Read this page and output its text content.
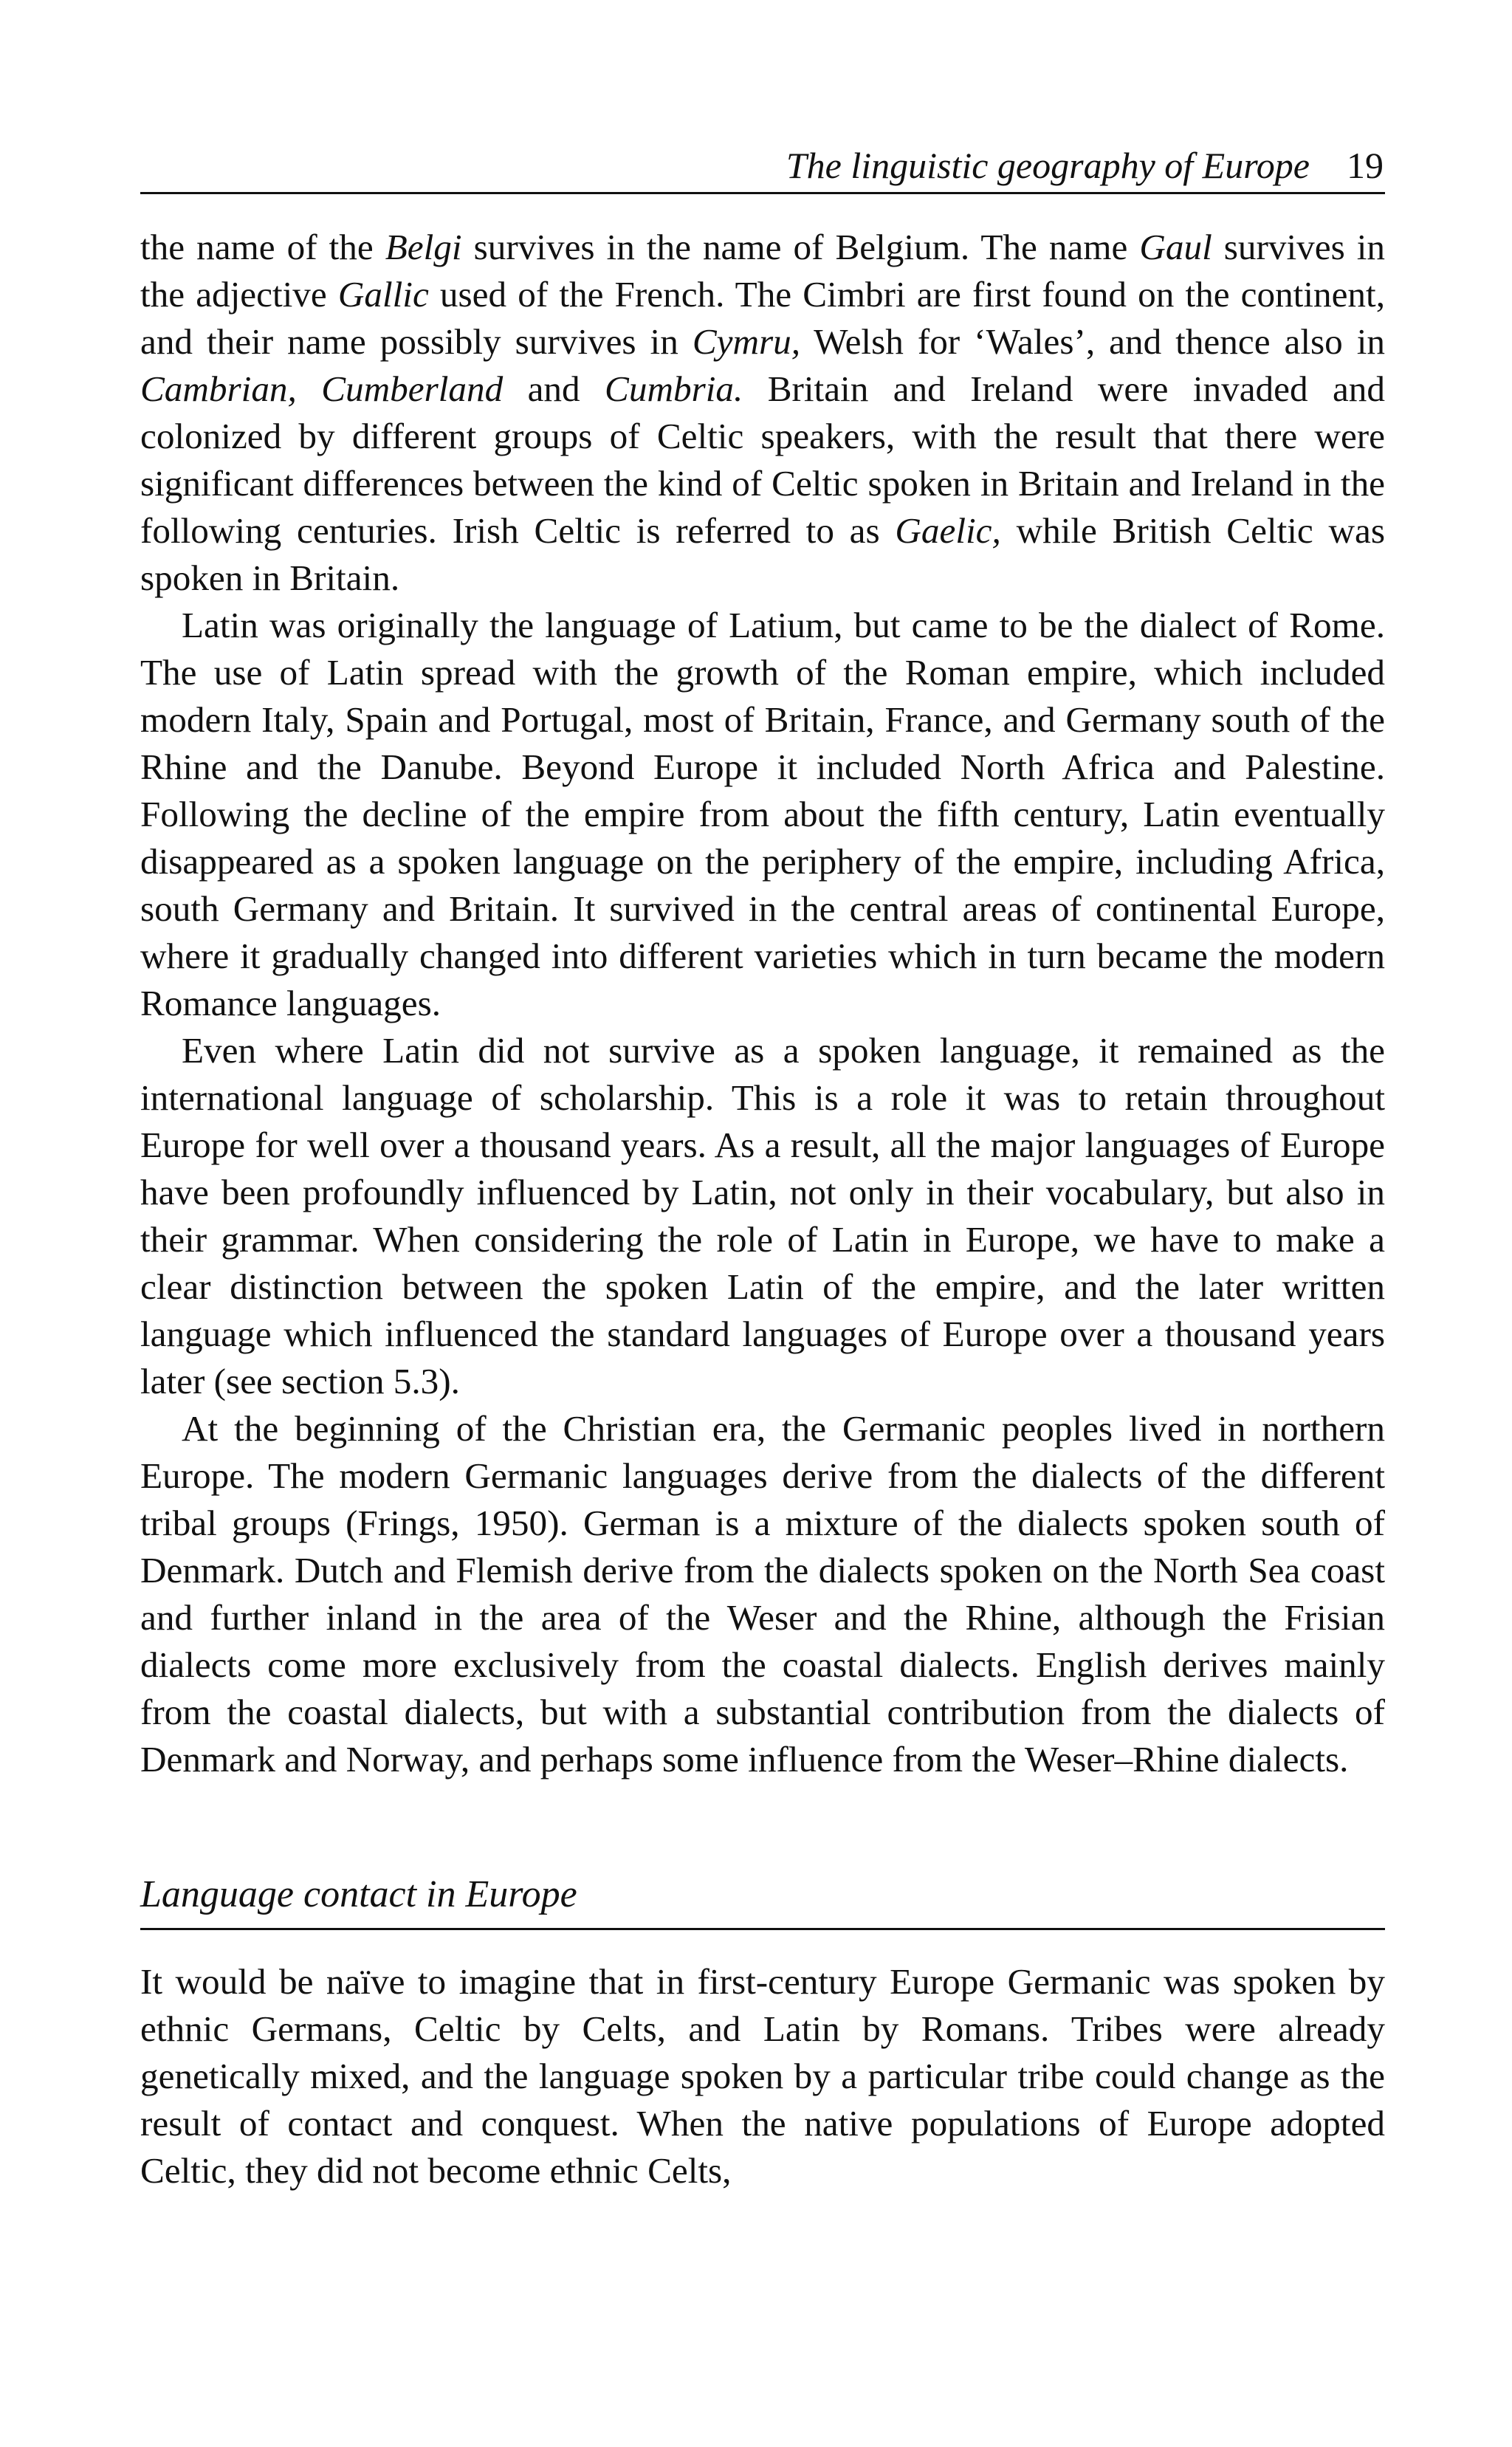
The linguistic geography of Europe 19

the name of the Belgi survives in the name of Belgium. The name Gaul survives in the adjective Gallic used of the French. The Cimbri are first found on the continent, and their name possibly survives in Cymru, Welsh for ‘Wales’, and thence also in Cambrian, Cumberland and Cumbria. Britain and Ireland were invaded and colonized by different groups of Celtic speakers, with the result that there were significant differences between the kind of Celtic spoken in Britain and Ireland in the following centuries. Irish Celtic is referred to as Gaelic, while British Celtic was spoken in Britain.

Latin was originally the language of Latium, but came to be the dialect of Rome. The use of Latin spread with the growth of the Roman empire, which included modern Italy, Spain and Portugal, most of Britain, France, and Germany south of the Rhine and the Danube. Beyond Europe it included North Africa and Palestine. Following the decline of the empire from about the fifth century, Latin eventually disappeared as a spoken language on the periphery of the empire, including Africa, south Germany and Britain. It survived in the central areas of continental Europe, where it gradually changed into different varieties which in turn became the modern Romance languages.

Even where Latin did not survive as a spoken language, it remained as the international language of scholarship. This is a role it was to retain throughout Europe for well over a thousand years. As a result, all the major languages of Europe have been profoundly influenced by Latin, not only in their vocabulary, but also in their grammar. When considering the role of Latin in Europe, we have to make a clear distinction between the spoken Latin of the empire, and the later written language which influenced the standard languages of Europe over a thousand years later (see section 5.3).

At the beginning of the Christian era, the Germanic peoples lived in northern Europe. The modern Germanic languages derive from the dialects of the different tribal groups (Frings, 1950). German is a mixture of the dialects spoken south of Denmark. Dutch and Flemish derive from the dialects spoken on the North Sea coast and further inland in the area of the Weser and the Rhine, although the Frisian dialects come more exclusively from the coastal dialects. English derives mainly from the coastal dialects, but with a substantial contribution from the dialects of Denmark and Norway, and perhaps some influence from the Weser–Rhine dialects.

Language contact in Europe

It would be naïve to imagine that in first-century Europe Germanic was spoken by ethnic Germans, Celtic by Celts, and Latin by Romans. Tribes were already genetically mixed, and the language spoken by a particular tribe could change as the result of contact and conquest. When the native populations of Europe adopted Celtic, they did not become ethnic Celts,
